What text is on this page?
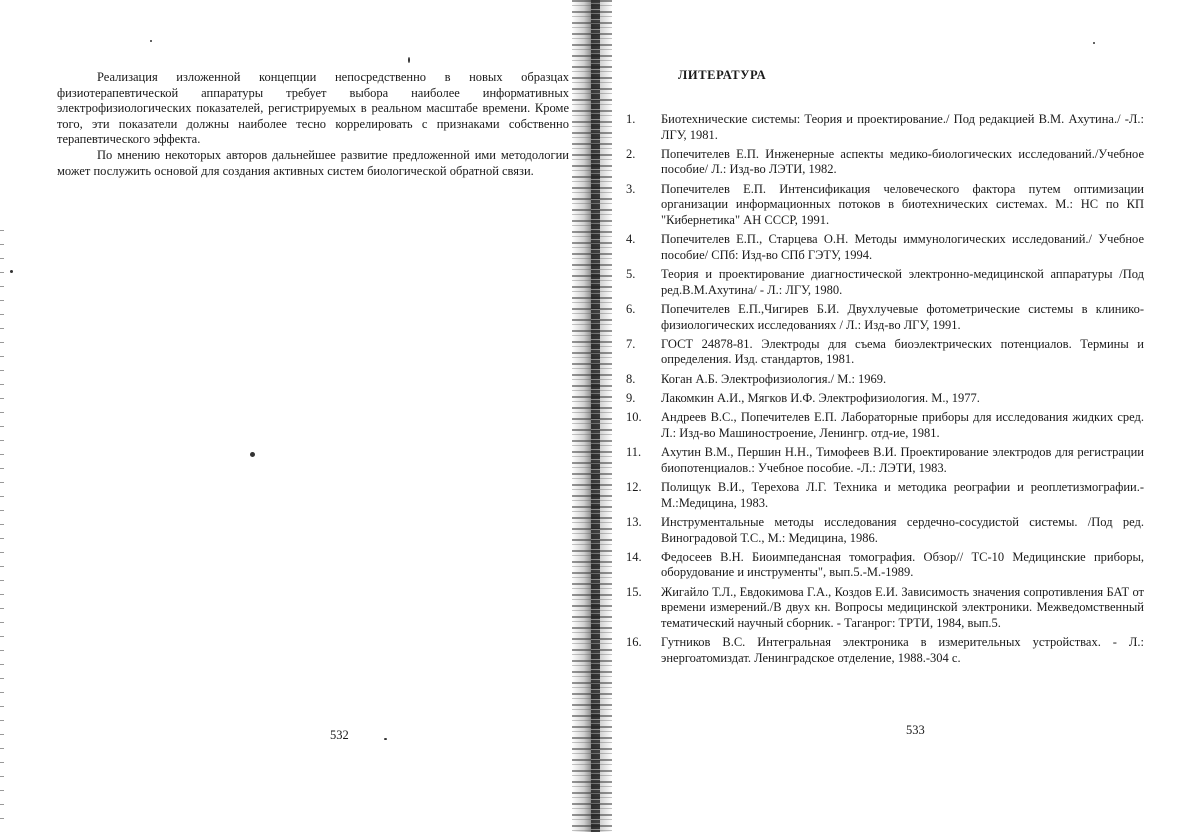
Реализация изложенной концепции непосредственно в новых образцах физиотерапевтической аппаратуры требует выбора наиболее информативных электрофизиологических показателей, регистрируемых в реальном масштабе времени. Кроме того, эти показатели должны наиболее тесно коррелировать с признаками собственно терапевтического эффекта.

По мнению некоторых авторов дальнейшее развитие предложенной ими методологии может послужить основой для создания активных систем биологической обратной связи.

532
ЛИТЕРАТУРА
1.	Биотехнические системы: Теория и проектирование./ Под редакцией В.М. Ахутина./ -Л.: ЛГУ, 1981.
2.	Попечителев Е.П. Инженерные аспекты медико-биологических исследований./Учебное пособие/ Л.: Изд-во ЛЭТИ, 1982.
3.	Попечителев Е.П. Интенсификация человеческого фактора путем оптимизации организации информационных потоков в биотехнических системах. М.: НС по КП "Кибернетика" АН СССР, 1991.
4.	Попечителев Е.П., Старцева О.Н. Методы иммунологических исследований./ Учебное пособие/ СПб: Изд-во СПб ГЭТУ, 1994.
5.	Теория и проектирование диагностической электронно-медицинской аппаратуры /Под ред.В.М.Ахутина/ - Л.: ЛГУ, 1980.
6.	Попечителев Е.П.,Чигирев Б.И. Двухлучевые фотометрические системы в клинико-физиологических исследованиях / Л.: Изд-во ЛГУ, 1991.
7.	ГОСТ 24878-81. Электроды для съема биоэлектрических потенциалов. Термины и определения. Изд. стандартов, 1981.
8.	Коган А.Б. Электрофизиология./ М.: 1969.
9.	Лакомкин А.И., Мягков И.Ф. Электрофизиология. М., 1977.
10.	Андреев В.С., Попечителев Е.П. Лабораторные приборы для исследования жидких сред. Л.: Изд-во Машиностроение, Ленингр. отд-ие, 1981.
11.	Ахутин В.М., Першин Н.Н., Тимофеев В.И. Проектирование электродов для регистрации биопотенциалов.: Учебное пособие. -Л.: ЛЭТИ, 1983.
12.	Полищук В.И., Терехова Л.Г. Техника и методика реографии и реоплетизмографии.-М.:Медицина, 1983.
13.	Инструментальные методы исследования сердечно-сосудистой системы. /Под ред. Виноградовой Т.С., М.: Медицина, 1986.
14.	Федосеев В.Н. Биоимпедансная томография. Обзор// ТС-10 Медицинские приборы, оборудование и инструменты", вып.5.-М.-1989.
15.	Жигайло Т.Л., Евдокимова Г.А., Коздов Е.И. Зависимость значения сопротивления БАТ от времени измерений./В двух кн. Вопросы медицинской электроники. Межведомственный тематический научный сборник. - Таганрог: ТРТИ, 1984, вып.5.
16.	Гутников В.С. Интегральная электроника в измерительных устройствах. - Л.: энергоатомиздат. Ленинградское отделение, 1988.-304 с.
533
